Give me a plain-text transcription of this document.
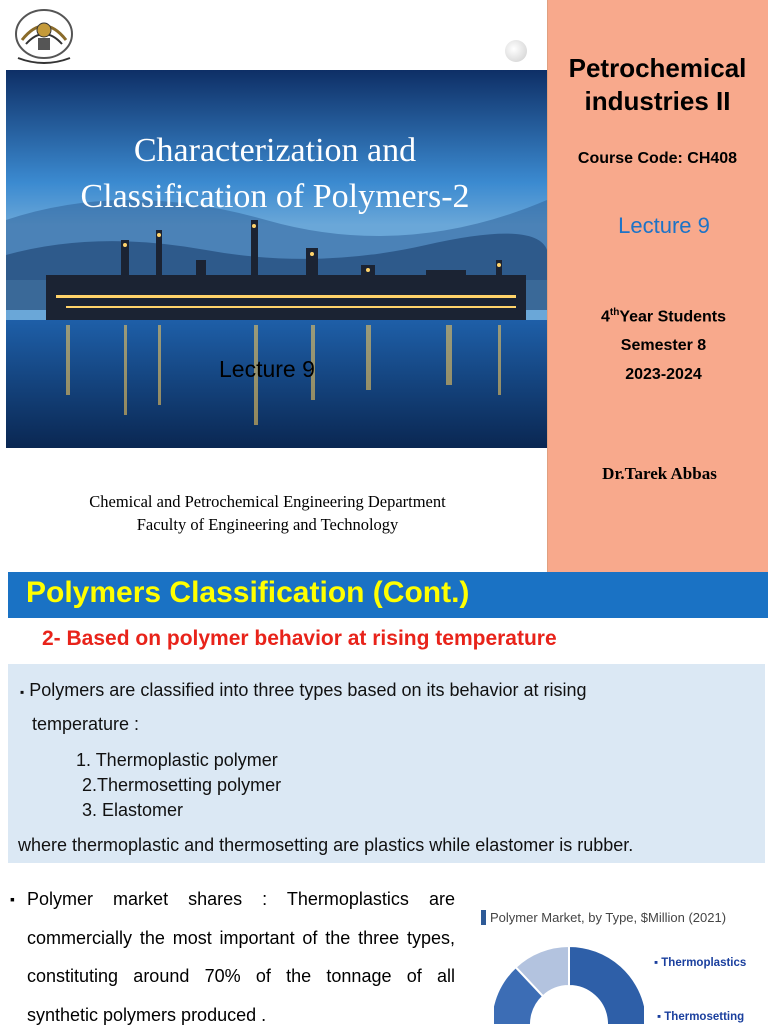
Characterization and Classification of Polymers-2
Lecture 9
Chemical and Petrochemical Engineering Department
Faculty of Engineering and Technology
Petrochemical industries II
Course Code: CH408
Lecture 9
4thYear Students
Semester 8
2023-2024
Dr.Tarek Abbas
Polymers Classification (Cont.)
2- Based on polymer behavior at rising temperature
▪ Polymers are classified into three types based on its behavior at rising
temperature :
1. Thermoplastic polymer
2.Thermosetting polymer
3. Elastomer
where thermoplastic and thermosetting are plastics while elastomer is rubber.
▪ Polymer market shares : Thermoplastics are commercially the most important of the three types, constituting around 70% of the tonnage of all synthetic polymers produced .
Polymer Market, by Type, $Million (2021)
▪ Thermoplastics
▪ Thermosetting
